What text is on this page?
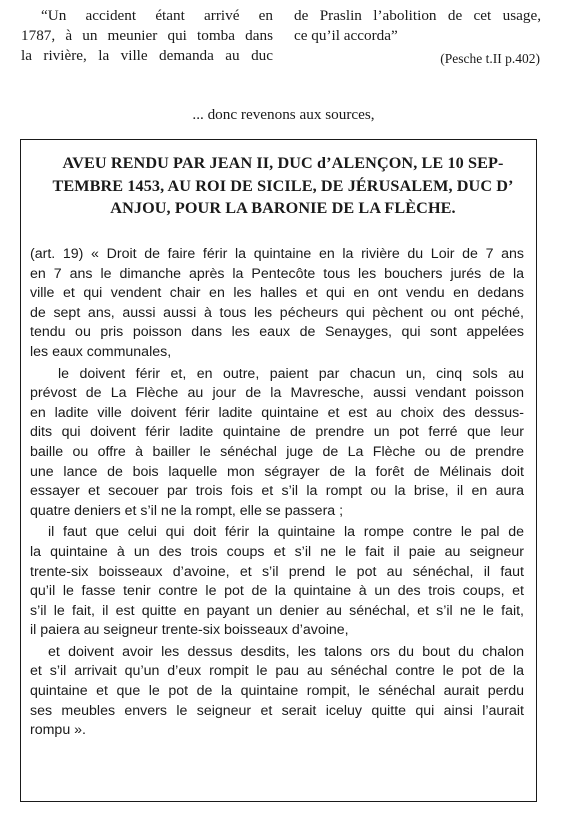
“Un accident étant arrivé en
1787, à un meunier qui tomba dans
la rivière, la ville demanda au duc
de Praslin l’abolition de cet usage,
ce qu’il accorda”
(Pesche t.II p.402)
... donc revenons aux sources,
AVEU RENDU PAR JEAN II, DUC d’ALENÇON, LE 10 SEP-
TEMBRE 1453, AU ROI DE SICILE, DE JÉRUSALEM, DUC D’
ANJOU, POUR LA BARONIE DE LA FLÈCHE.
(art. 19) « Droit de faire férir la quintaine en la rivière du Loir de 7 ans
en 7 ans le dimanche après la Pentecôte tous les bouchers jurés de la
ville et qui vendent chair en les halles et qui en ont vendu en dedans
de sept ans, aussi aussi à tous les pécheurs qui pèchent ou ont péché,
tendu ou pris poisson dans les eaux de Senayges, qui sont appelées
les eaux communales,
le doivent férir et, en outre, paient par chacun un, cinq sols au
prévost de La Flèche au jour de la Mavresche, aussi vendant poisson
en ladite ville doivent férir ladite quintaine et est au choix des dessus-
dits qui doivent férir ladite quintaine de prendre un pot ferré que leur
baille ou offre à bailler le sénéchal juge de La Flèche ou de prendre
une lance de bois laquelle mon ségrayer de la forêt de Mélinais doit
essayer et secouer par trois fois et s’il la rompt ou la brise, il en aura
quatre deniers et s’il ne la rompt, elle se passera ;
il faut que celui qui doit férir la quintaine la rompe contre le pal de
la quintaine à un des trois coups et s’il ne le fait il paie au seigneur
trente-six boisseaux d’avoine, et s’il prend le pot au sénéchal, il faut
qu’il le fasse tenir contre le pot de la quintaine à un des trois coups, et
s’il le fait, il est quitte en payant un denier au sénéchal, et s’il ne le fait,
il paiera au seigneur trente-six boisseaux d’avoine,
et doivent avoir les dessus desdits, les talons ors du bout du chalon
et s’il arrivait qu’un d’eux rompit le pau au sénéchal contre le pot de la
quintaine et que le pot de la quintaine rompit, le sénéchal aurait perdu
ses meubles envers le seigneur et serait iceluy quitte qui ainsi l’aurait
rompu ».
